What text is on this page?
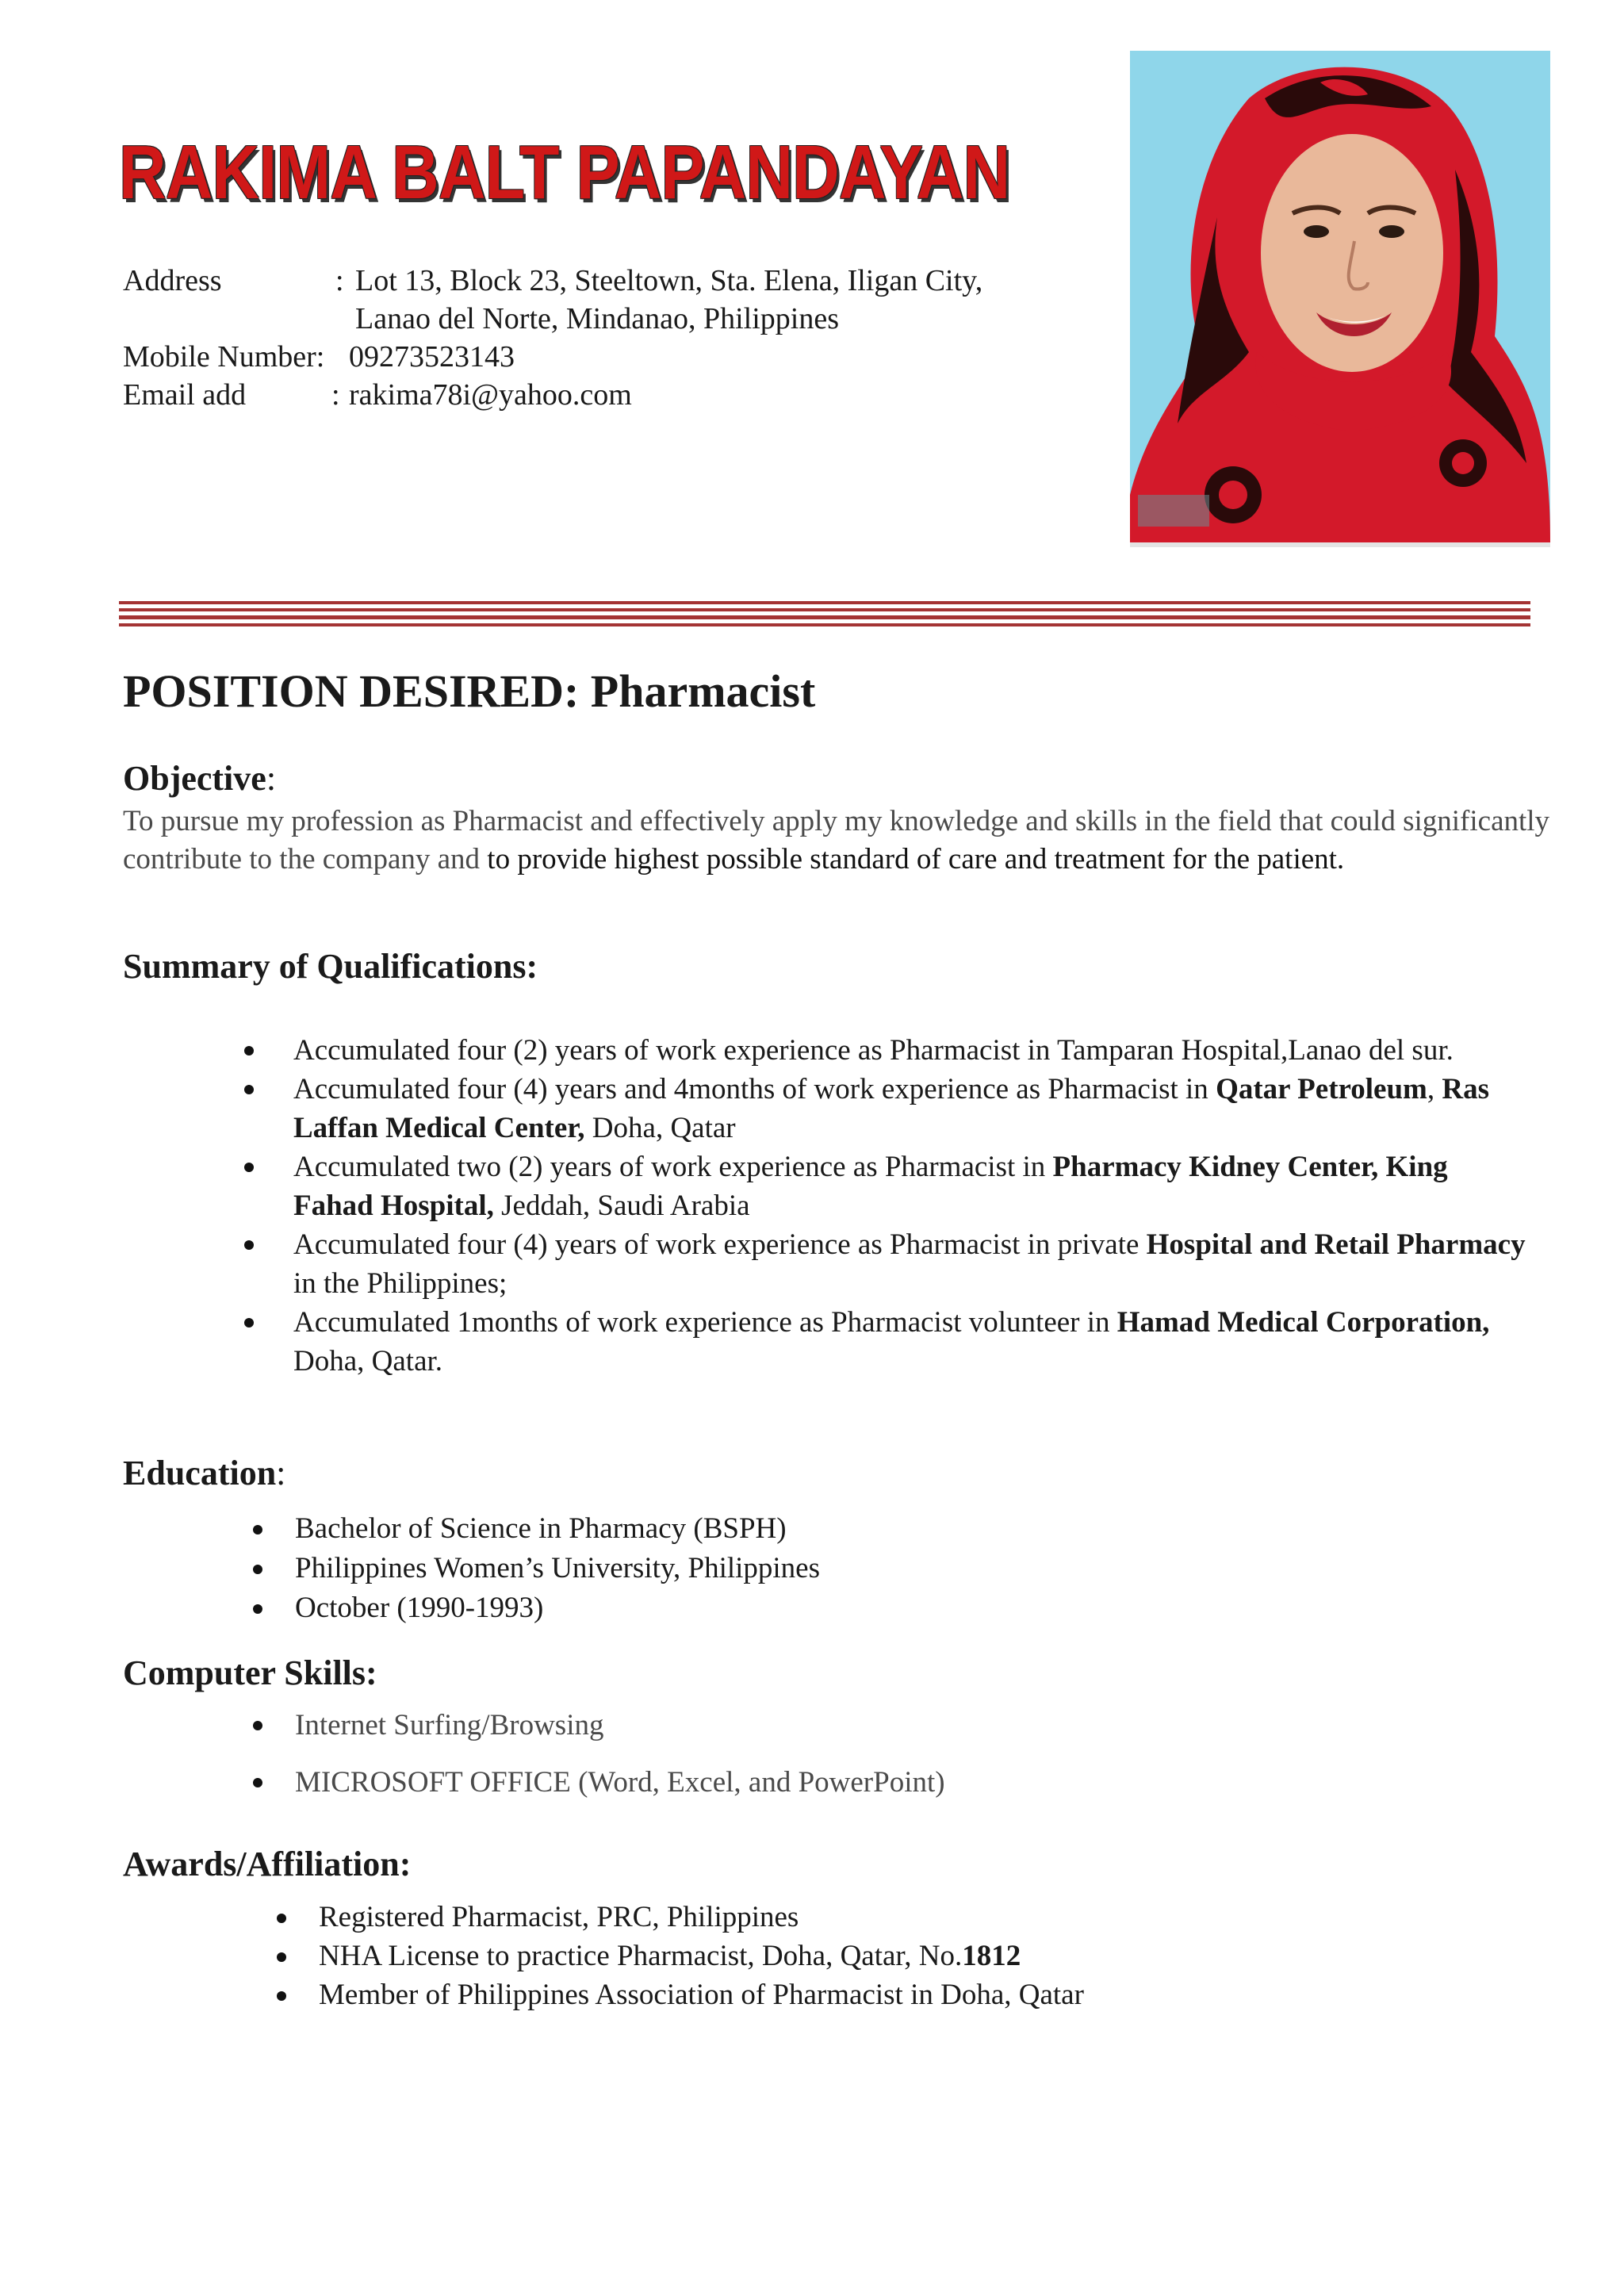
RAKIMA BALT PAPANDAYAN
Address	: Lot 13, Block 23, Steeltown, Sta. Elena, Iligan City,
Lanao del Norte, Mindanao, Philippines
Mobile Number: 09273523143
Email add	: rakima78i@yahoo.com
POSITION DESIRED: Pharmacist
Objective:

To pursue my profession as Pharmacist and effectively apply my knowledge and skills in the field that could significantly contribute to the company and to provide highest possible standard of care and treatment for the patient.

Summary of Qualifications:
Accumulated four (2) years of work experience as Pharmacist in Tamparan Hospital,Lanao del sur.
Accumulated four (4) years and 4months of work experience as Pharmacist in Qatar Petroleum, Ras Laffan Medical Center, Doha, Qatar
Accumulated two (2) years of work experience as Pharmacist in Pharmacy Kidney Center, King Fahad Hospital, Jeddah, Saudi Arabia
Accumulated four (4) years of work experience as Pharmacist in private Hospital and Retail Pharmacy in the Philippines;
Accumulated 1months of work experience as Pharmacist volunteer in Hamad Medical Corporation, Doha, Qatar.
Education:
Bachelor of Science in Pharmacy (BSPH)
Philippines Women’s University, Philippines
October (1990-1993)
Computer Skills:
Internet Surfing/Browsing
MICROSOFT OFFICE (Word, Excel, and PowerPoint)
Awards/Affiliation:
Registered Pharmacist, PRC, Philippines
NHA License to practice Pharmacist, Doha, Qatar, No.1812
Member of Philippines Association of Pharmacist in Doha, Qatar
